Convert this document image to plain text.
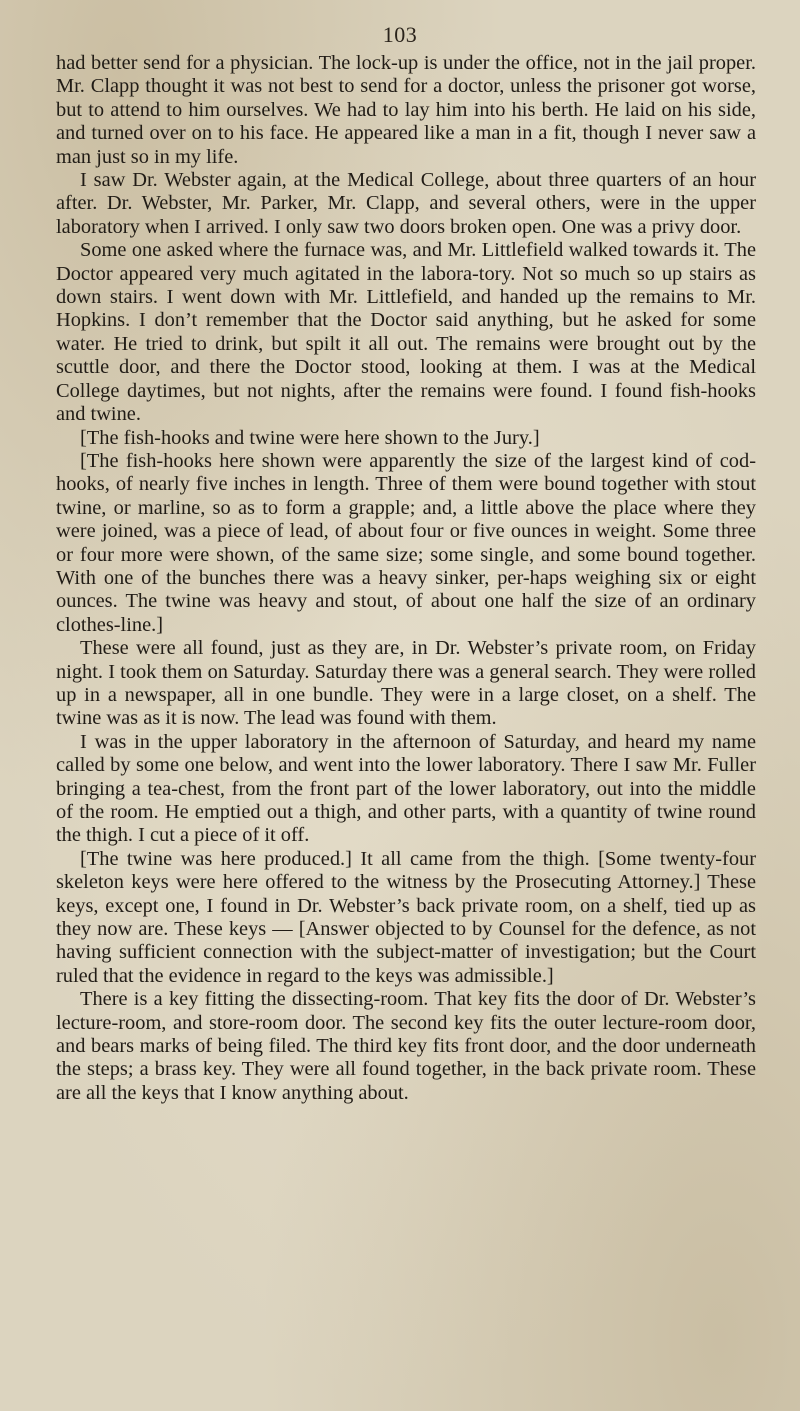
103

had better send for a physician. The lock-up is under the office, not in the jail proper. Mr. Clapp thought it was not best to send for a doctor, unless the prisoner got worse, but to attend to him ourselves. We had to lay him into his berth. He laid on his side, and turned over on to his face. He appeared like a man in a fit, though I never saw a man just so in my life.

I saw Dr. Webster again, at the Medical College, about three quarters of an hour after. Dr. Webster, Mr. Parker, Mr. Clapp, and several others, were in the upper laboratory when I arrived. I only saw two doors broken open. One was a privy door.

Some one asked where the furnace was, and Mr. Littlefield walked towards it. The Doctor appeared very much agitated in the labora-tory. Not so much so up stairs as down stairs. I went down with Mr. Littlefield, and handed up the remains to Mr. Hopkins. I don’t remember that the Doctor said anything, but he asked for some water. He tried to drink, but spilt it all out. The remains were brought out by the scuttle door, and there the Doctor stood, looking at them. I was at the Medical College daytimes, but not nights, after the remains were found. I found fish-hooks and twine.

[The fish-hooks and twine were here shown to the Jury.]

[The fish-hooks here shown were apparently the size of the largest kind of cod-hooks, of nearly five inches in length. Three of them were bound together with stout twine, or marline, so as to form a grapple; and, a little above the place where they were joined, was a piece of lead, of about four or five ounces in weight. Some three or four more were shown, of the same size; some single, and some bound together. With one of the bunches there was a heavy sinker, per-haps weighing six or eight ounces. The twine was heavy and stout, of about one half the size of an ordinary clothes-line.]

These were all found, just as they are, in Dr. Webster’s private room, on Friday night. I took them on Saturday. Saturday there was a general search. They were rolled up in a newspaper, all in one bundle. They were in a large closet, on a shelf. The twine was as it is now. The lead was found with them.

I was in the upper laboratory in the afternoon of Saturday, and heard my name called by some one below, and went into the lower laboratory. There I saw Mr. Fuller bringing a tea-chest, from the front part of the lower laboratory, out into the middle of the room. He emptied out a thigh, and other parts, with a quantity of twine round the thigh. I cut a piece of it off.

[The twine was here produced.] It all came from the thigh. [Some twenty-four skeleton keys were here offered to the witness by the Prosecuting Attorney.] These keys, except one, I found in Dr. Webster’s back private room, on a shelf, tied up as they now are. These keys — [Answer objected to by Counsel for the defence, as not having sufficient connection with the subject-matter of investigation; but the Court ruled that the evidence in regard to the keys was admissible.]

There is a key fitting the dissecting-room. That key fits the door of Dr. Webster’s lecture-room, and store-room door. The second key fits the outer lecture-room door, and bears marks of being filed. The third key fits front door, and the door underneath the steps; a brass key. They were all found together, in the back private room. These are all the keys that I know anything about.
